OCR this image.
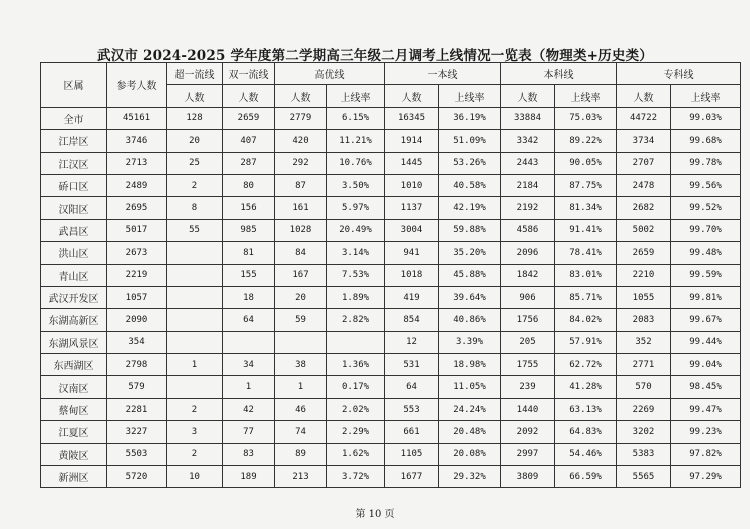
武汉市 2024-2025 学年度第二学期高三年级二月调考上线情况一览表（物理类+历史类）
区属	参考人数	超一流线	双一流线	高优线		一本线		本科线		专科线	
		人数	人数	人数	上线率	人数	上线率	人数	上线率	人数	上线率
全市	45161	128	2659	2779	6.15%	16345	36.19%	33884	75.03%	44722	99.03%
江岸区	3746	20	407	420	11.21%	1914	51.09%	3342	89.22%	3734	99.68%
江汉区	2713	25	287	292	10.76%	1445	53.26%	2443	90.05%	2707	99.78%
硚口区	2489	2	80	87	3.50%	1010	40.58%	2184	87.75%	2478	99.56%
汉阳区	2695	8	156	161	5.97%	1137	42.19%	2192	81.34%	2682	99.52%
武昌区	5017	55	985	1028	20.49%	3004	59.88%	4586	91.41%	5002	99.70%
洪山区	2673		81	84	3.14%	941	35.20%	2096	78.41%	2659	99.48%
青山区	2219		155	167	7.53%	1018	45.88%	1842	83.01%	2210	99.59%
武汉开发区	1057		18	20	1.89%	419	39.64%	906	85.71%	1055	99.81%
东湖高新区	2090		64	59	2.82%	854	40.86%	1756	84.02%	2083	99.67%
东湖风景区	354					12	3.39%	205	57.91%	352	99.44%
东西湖区	2798	1	34	38	1.36%	531	18.98%	1755	62.72%	2771	99.04%
汉南区	579		1	1	0.17%	64	11.05%	239	41.28%	570	98.45%
蔡甸区	2281	2	42	46	2.02%	553	24.24%	1440	63.13%	2269	99.47%
江夏区	3227	3	77	74	2.29%	661	20.48%	2092	64.83%	3202	99.23%
黄陂区	5503	2	83	89	1.62%	1105	20.08%	2997	54.46%	5383	97.82%
新洲区	5720	10	189	213	3.72%	1677	29.32%	3809	66.59%	5565	97.29%
第 10 页
